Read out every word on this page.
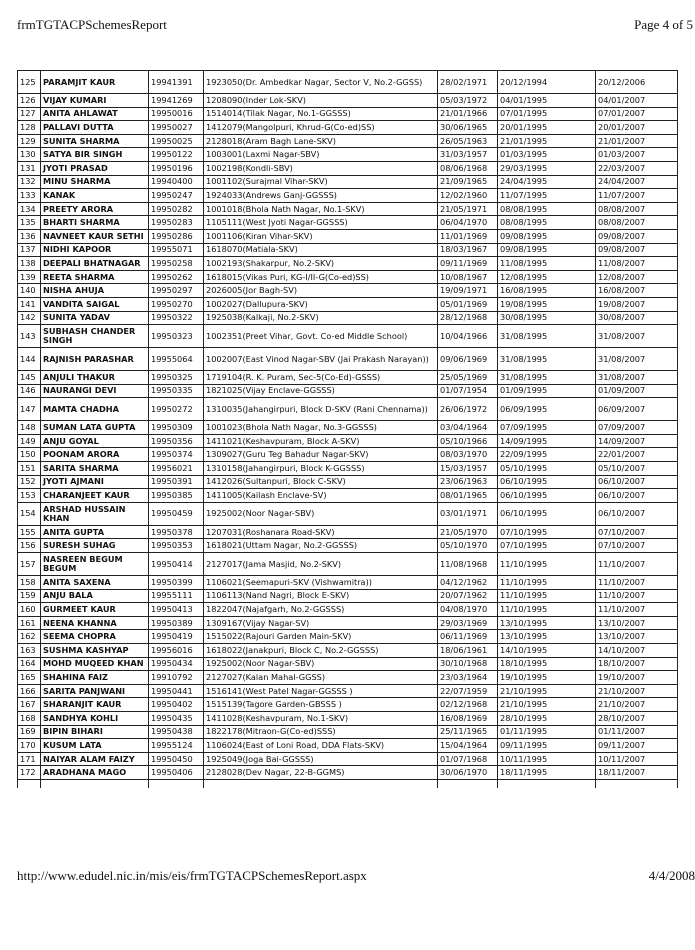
frmTGTACPSchemesReport	Page 4 of 5
125	PARAMJIT KAUR	19941391	1923050(Dr. Ambedkar Nagar, Sector V, No.2-GGSS)	28/02/1971	20/12/1994	20/12/2006
126	VIJAY KUMARI	19941269	1208090(Inder Lok-SKV)	05/03/1972	04/01/1995	04/01/2007
127	ANITA AHLAWAT	19950016	1514014(Tilak Nagar, No.1-GGSSS)	21/01/1966	07/01/1995	07/01/2007
128	PALLAVI DUTTA	19950027	1412079(Mangolpuri, Khrud-G(Co-ed)SS)	30/06/1965	20/01/1995	20/01/2007
129	SUNITA SHARMA	19950025	2128018(Aram Bagh Lane-SKV)	26/05/1963	21/01/1995	21/01/2007
130	SATYA BIR SINGH	19950122	1003001(Laxmi Nagar-SBV)	31/03/1957	01/03/1995	01/03/2007
131	JYOTI PRASAD	19950196	1002198(Kondli-SBV)	08/06/1968	29/03/1995	22/03/2007
132	MINU SHARMA	19940400	1001102(Surajmal Vihar-SKV)	21/09/1965	24/04/1995	24/04/2007
133	KANAK	19950247	1924033(Andrews Ganj-GGSSS)	12/02/1960	11/07/1995	11/07/2007
134	PREETY ARORA	19950282	1001018(Bhola Nath Nagar, No.1-SKV)	21/05/1971	08/08/1995	08/08/2007
135	BHARTI SHARMA	19950283	1105111(West Jyoti Nagar-GGSSS)	06/04/1970	08/08/1995	08/08/2007
136	NAVNEET KAUR SETHI	19950286	1001106(Kiran Vihar-SKV)	11/01/1969	09/08/1995	09/08/2007
137	NIDHI KAPOOR	19955071	1618070(Matiala-SKV)	18/03/1967	09/08/1995	09/08/2007
138	DEEPALI BHATNAGAR	19950258	1002193(Shakarpur, No.2-SKV)	09/11/1969	11/08/1995	11/08/2007
139	REETA SHARMA	19950262	1618015(Vikas Puri, KG-I/II-G(Co-ed)SS)	10/08/1967	12/08/1995	12/08/2007
140	NISHA AHUJA	19950297	2026005(Jor Bagh-SV)	19/09/1971	16/08/1995	16/08/2007
141	VANDITA SAIGAL	19950270	1002027(Dallupura-SKV)	05/01/1969	19/08/1995	19/08/2007
142	SUNITA YADAV	19950322	1925038(Kalkaji, No.2-SKV)	28/12/1968	30/08/1995	30/08/2007
143	SUBHASH CHANDER SINGH	19950323	1002351(Preet Vihar, Govt. Co-ed Middle School)	10/04/1966	31/08/1995	31/08/2007
144	RAJNISH PARASHAR	19955064	1002007(East Vinod Nagar-SBV (Jai Prakash Narayan))	09/06/1969	31/08/1995	31/08/2007
145	ANJULI THAKUR	19950325	1719104(R. K. Puram, Sec-5(Co-Ed)-GSSS)	25/05/1969	31/08/1995	31/08/2007
146	NAURANGI DEVI	19950335	1821025(Vijay Enclave-GGSSS)	01/07/1954	01/09/1995	01/09/2007
147	MAMTA CHADHA	19950272	1310035(Jahangirpuri, Block D-SKV (Rani Chennama))	26/06/1972	06/09/1995	06/09/2007
148	SUMAN LATA GUPTA	19950309	1001023(Bhola Nath Nagar, No.3-GGSSS)	03/04/1964	07/09/1995	07/09/2007
149	ANJU GOYAL	19950356	1411021(Keshavpuram, Block A-SKV)	05/10/1966	14/09/1995	14/09/2007
150	POONAM ARORA	19950374	1309027(Guru Teg Bahadur Nagar-SKV)	08/03/1970	22/09/1995	22/01/2007
151	SARITA SHARMA	19956021	1310158(Jahangirpuri, Block K-GGSSS)	15/03/1957	05/10/1995	05/10/2007
152	JYOTI AJMANI	19950391	1412026(Sultanpuri, Block C-SKV)	23/06/1963	06/10/1995	06/10/2007
153	CHARANJEET KAUR	19950385	1411005(Kailash Enclave-SV)	08/01/1965	06/10/1995	06/10/2007
154	ARSHAD HUSSAIN KHAN	19950459	1925002(Noor Nagar-SBV)	03/01/1971	06/10/1995	06/10/2007
155	ANITA GUPTA	19950378	1207031(Roshanara Road-SKV)	21/05/1970	07/10/1995	07/10/2007
156	SURESH SUHAG	19950353	1618021(Uttam Nagar, No.2-GGSSS)	05/10/1970	07/10/1995	07/10/2007
157	NASREEN BEGUM BEGUM	19950414	2127017(Jama Masjid, No.2-SKV)	11/08/1968	11/10/1995	11/10/2007
158	ANITA SAXENA	19950399	1106021(Seemapuri-SKV (Vishwamitra))	04/12/1962	11/10/1995	11/10/2007
159	ANJU BALA	19955111	1106113(Nand Nagri, Block E-SKV)	20/07/1962	11/10/1995	11/10/2007
160	GURMEET KAUR	19950413	1822047(Najafgarh, No.2-GGSSS)	04/08/1970	11/10/1995	11/10/2007
161	NEENA KHANNA	19950389	1309167(Vijay Nagar-SV)	29/03/1969	13/10/1995	13/10/2007
162	SEEMA CHOPRA	19950419	1515022(Rajouri Garden Main-SKV)	06/11/1969	13/10/1995	13/10/2007
163	SUSHMA KASHYAP	19956016	1618022(Janakpuri, Block C, No.2-GGSSS)	18/06/1961	14/10/1995	14/10/2007
164	MOHD MUQEED KHAN	19950434	1925002(Noor Nagar-SBV)	30/10/1968	18/10/1995	18/10/2007
165	SHAHINA FAIZ	19910792	2127027(Kalan Mahal-GGSS)	23/03/1964	19/10/1995	19/10/2007
166	SARITA PANJWANI	19950441	1516141(West Patel Nagar-GGSSS )	22/07/1959	21/10/1995	21/10/2007
167	SHARANJIT KAUR	19950402	1515139(Tagore Garden-GBSSS )	02/12/1968	21/10/1995	21/10/2007
168	SANDHYA KOHLI	19950435	1411028(Keshavpuram, No.1-SKV)	16/08/1969	28/10/1995	28/10/2007
169	BIPIN BIHARI	19950438	1822178(Mitraon-G(Co-ed)SSS)	25/11/1965	01/11/1995	01/11/2007
170	KUSUM LATA	19955124	1106024(East of Loni Road, DDA Flats-SKV)	15/04/1964	09/11/1995	09/11/2007
171	NAIYAR ALAM FAIZY	19950450	1925049(Joga Bai-GGSSS)	01/07/1968	10/11/1995	10/11/2007
172	ARADHANA MAGO	19950406	2128028(Dev Nagar, 22-B-GGMS)	30/06/1970	18/11/1995	18/11/2007

http://www.edudel.nic.in/mis/eis/frmTGTACPSchemesReport.aspx	4/4/2008
